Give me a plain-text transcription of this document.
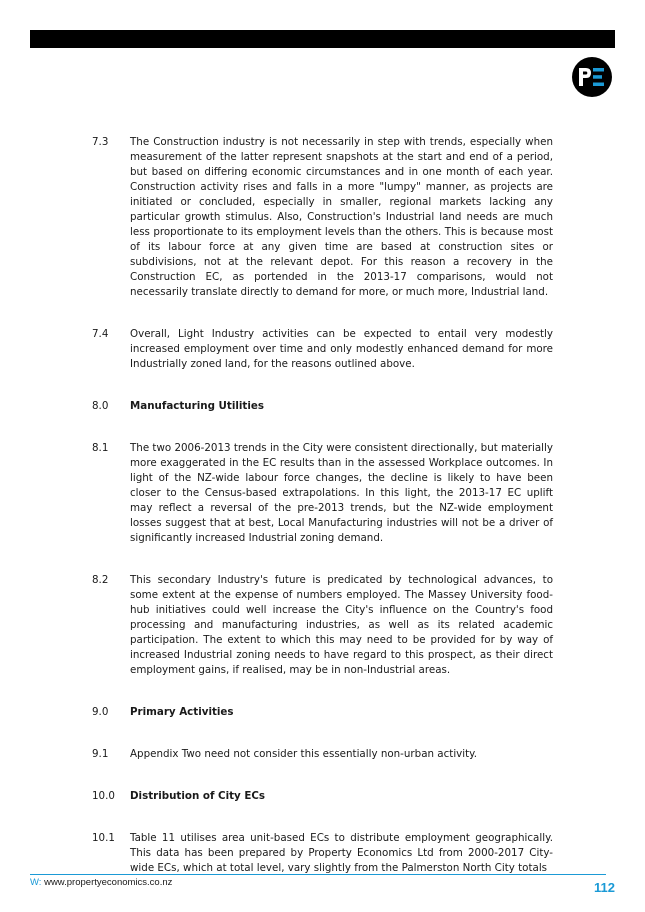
7.3	The Construction industry is not necessarily in step with trends, especially when measurement of the latter represent snapshots at the start and end of a period, but based on differing economic circumstances and in one month of each year. Construction activity rises and falls in a more "lumpy" manner, as projects are initiated or concluded, especially in smaller, regional markets lacking any particular growth stimulus. Also, Construction's Industrial land needs are much less proportionate to its employment levels than the others. This is because most of its labour force at any given time are based at construction sites or subdivisions, not at the relevant depot. For this reason a recovery in the Construction EC, as portended in the 2013-17 comparisons, would not necessarily translate directly to demand for more, or much more, Industrial land.
7.4	Overall, Light Industry activities can be expected to entail very modestly increased employment over time and only modestly enhanced demand for more Industrially zoned land, for the reasons outlined above.
8.0	Manufacturing Utilities
8.1	The two 2006-2013 trends in the City were consistent directionally, but materially more exaggerated in the EC results than in the assessed Workplace outcomes. In light of the NZ-wide labour force changes, the decline is likely to have been closer to the Census-based extrapolations. In this light, the 2013-17 EC uplift may reflect a reversal of the pre-2013 trends, but the NZ-wide employment losses suggest that at best, Local Manufacturing industries will not be a driver of significantly increased Industrial zoning demand.
8.2	This secondary Industry's future is predicated by technological advances, to some extent at the expense of numbers employed. The Massey University food-hub initiatives could well increase the City's influence on the Country's food processing and manufacturing industries, as well as its related academic participation. The extent to which this may need to be provided for by way of increased Industrial zoning needs to have regard to this prospect, as their direct employment gains, if realised, may be in non-Industrial areas.
9.0	Primary Activities
9.1	Appendix Two need not consider this essentially non-urban activity.
10.0	Distribution of City ECs
10.1	Table 11 utilises area unit-based ECs to distribute employment geographically. This data has been prepared by Property Economics Ltd from 2000-2017 City-wide ECs, which at total level, vary slightly from the Palmerston North City totals
W: www.propertyeconomics.co.nz	112
